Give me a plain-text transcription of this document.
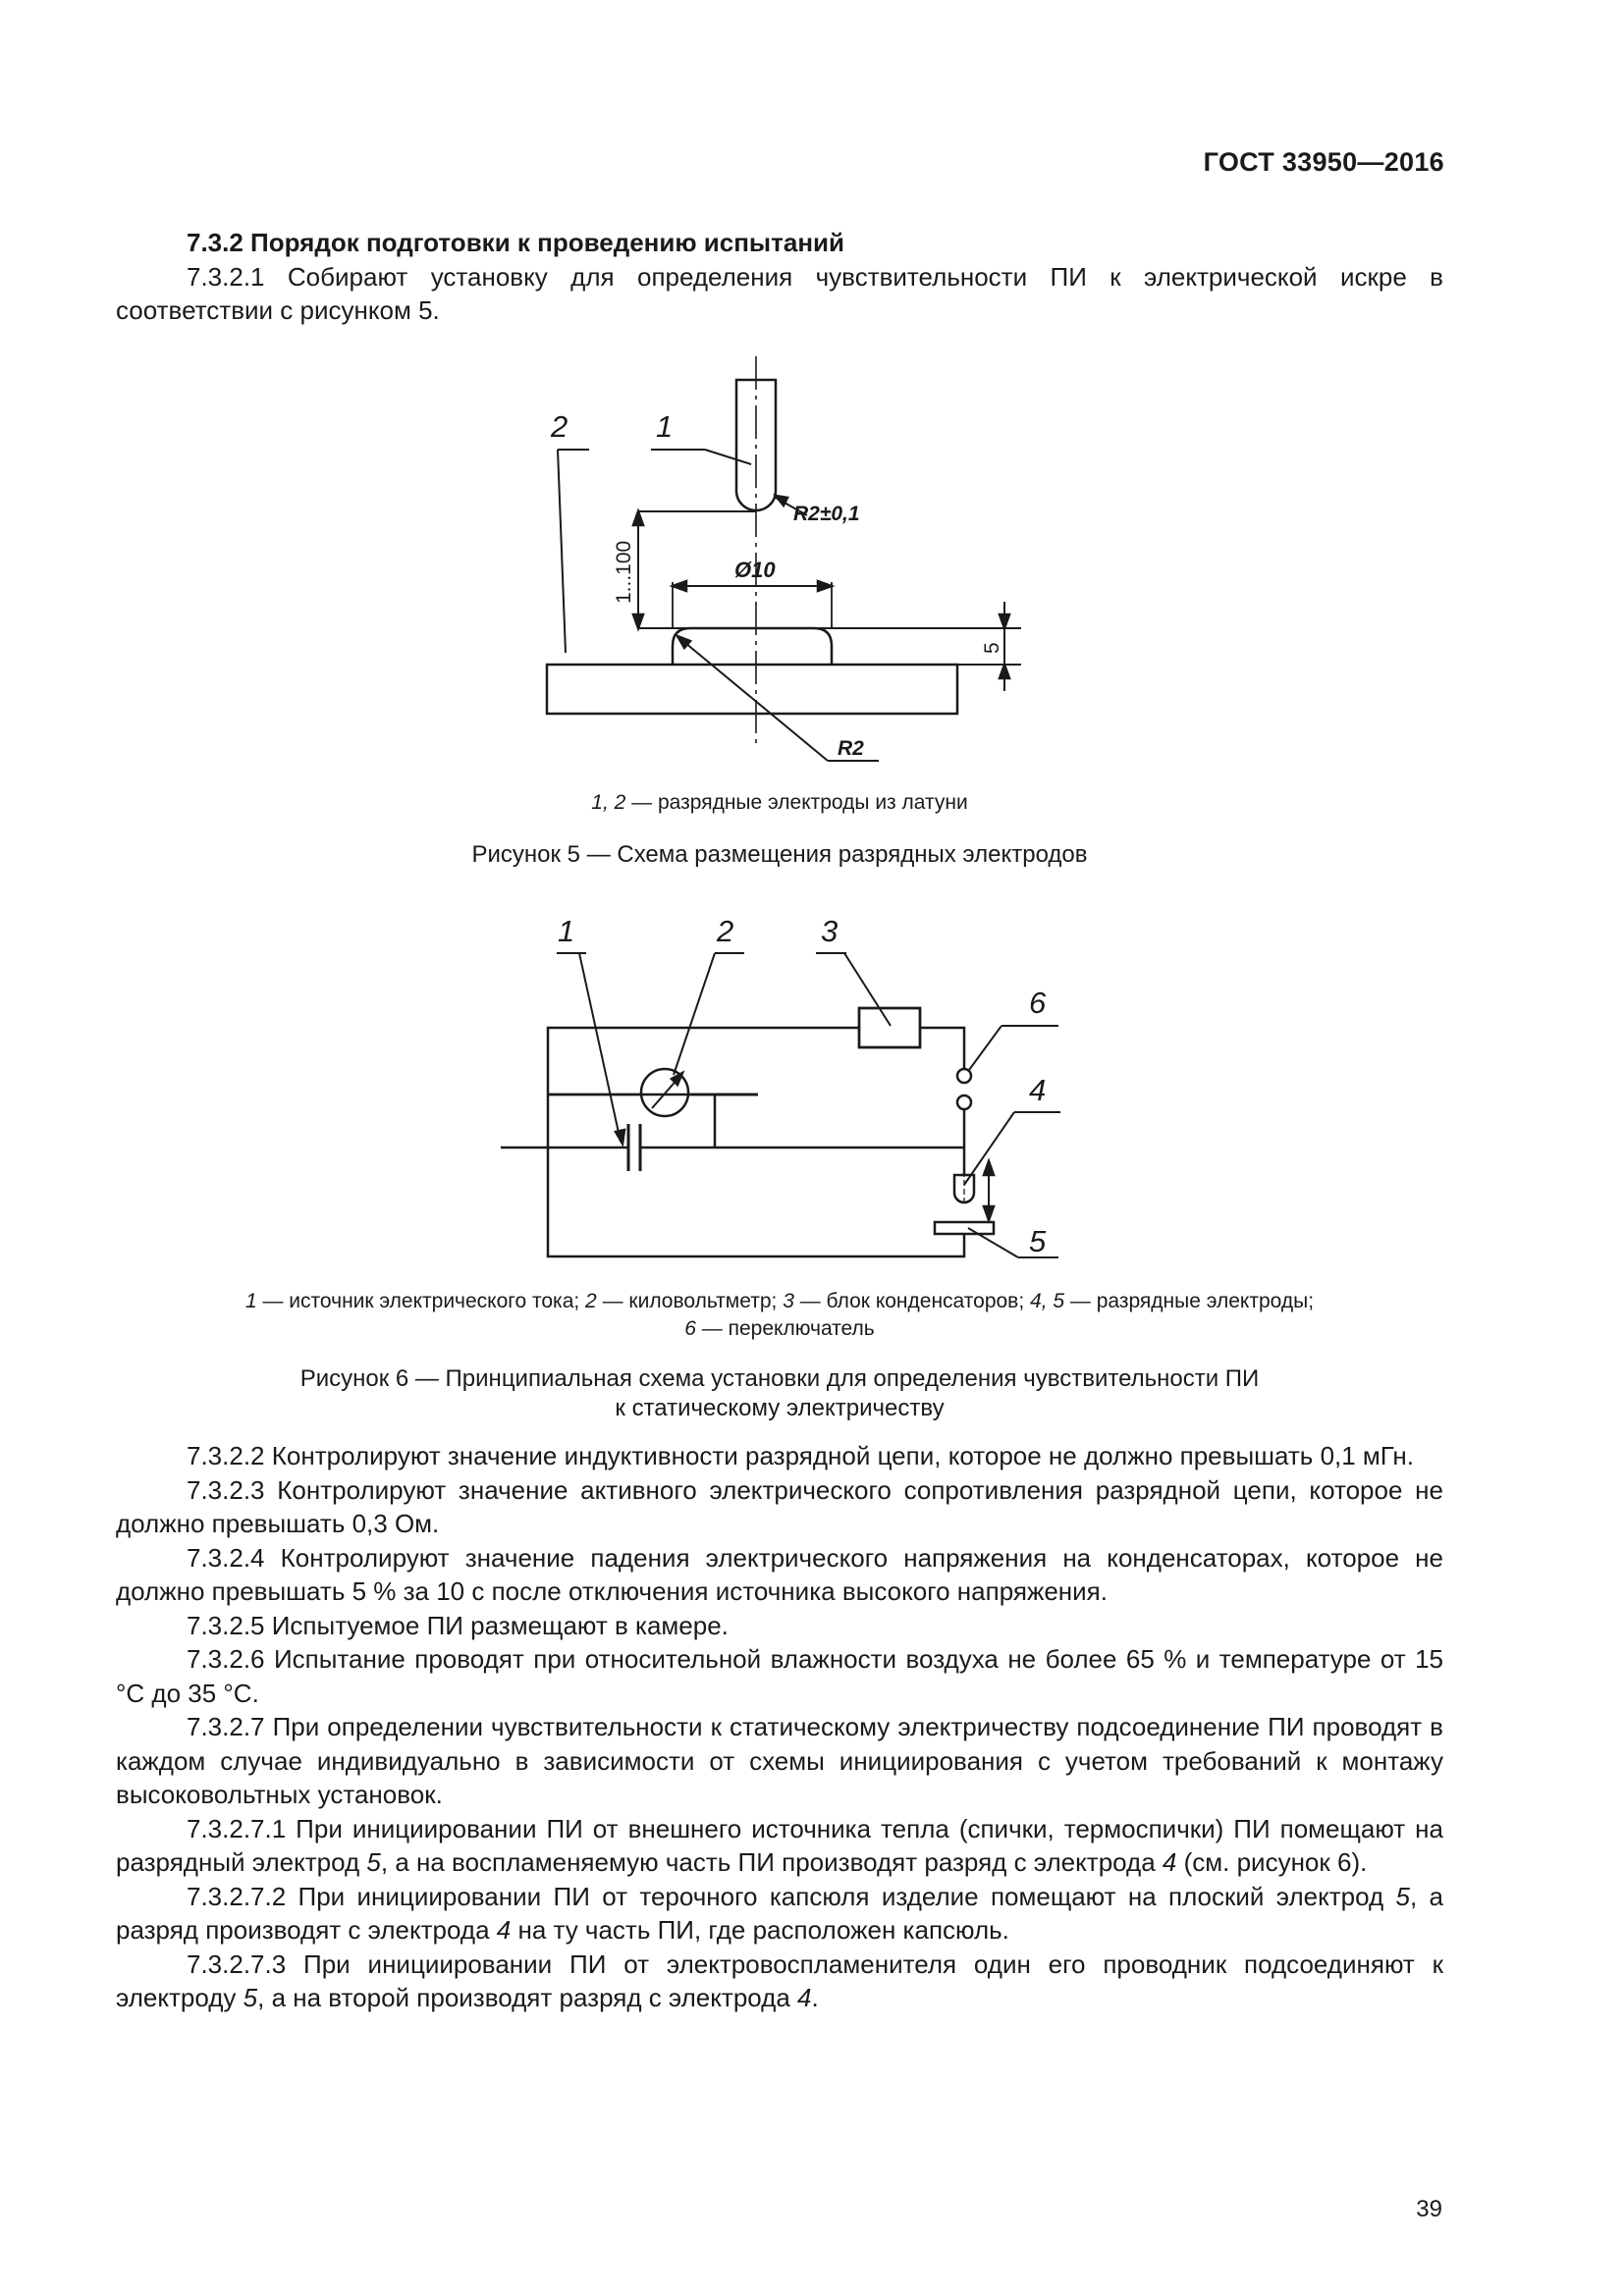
ГОСТ 33950—2016

7.3.2 Порядок подготовки к проведению испытаний

7.3.2.1 Собирают установку для определения чувствительности ПИ к электрической искре в соответствии с рисунком 5.

R2±0,1
1
2
1...100	Ø10
5
R2
1, 2 — разрядные электроды из латуни
Рисунок 5 — Схема размещения разрядных электродов
1	2	3
6
4
5
1 — источник электрического тока; 2 — киловольтметр; 3 — блок конденсаторов; 4, 5 — разрядные электроды;
6 — переключатель
Рисунок 6 — Принципиальная схема установки для определения чувствительности ПИ
к статическому электричеству

7.3.2.2 Контролируют значение индуктивности разрядной цепи, которое не должно превышать 0,1 мГн.

7.3.2.3 Контролируют значение активного электрического сопротивления разрядной цепи, которое не должно превышать 0,3 Ом.

7.3.2.4 Контролируют значение падения электрического напряжения на конденсаторах, которое не должно превышать 5 % за 10 с после отключения источника высокого напряжения.

7.3.2.5 Испытуемое ПИ размещают в камере.

7.3.2.6 Испытание проводят при относительной влажности воздуха не более 65 % и температуре от 15 °С до 35 °С.

7.3.2.7 При определении чувствительности к статическому электричеству подсоединение ПИ проводят в каждом случае индивидуально в зависимости от схемы инициирования с учетом требований к монтажу высоковольтных установок.

7.3.2.7.1 При инициировании ПИ от внешнего источника тепла (спички, термоспички) ПИ помещают на разрядный электрод 5, а на воспламеняемую часть ПИ производят разряд с электрода 4 (см. рисунок 6).

7.3.2.7.2 При инициировании ПИ от терочного капсюля изделие помещают на плоский электрод 5, а разряд производят с электрода 4 на ту часть ПИ, где расположен капсюль.

7.3.2.7.3 При инициировании ПИ от электровоспламенителя один его проводник подсоединяют к электроду 5, а на второй производят разряд с электрода 4.

39
